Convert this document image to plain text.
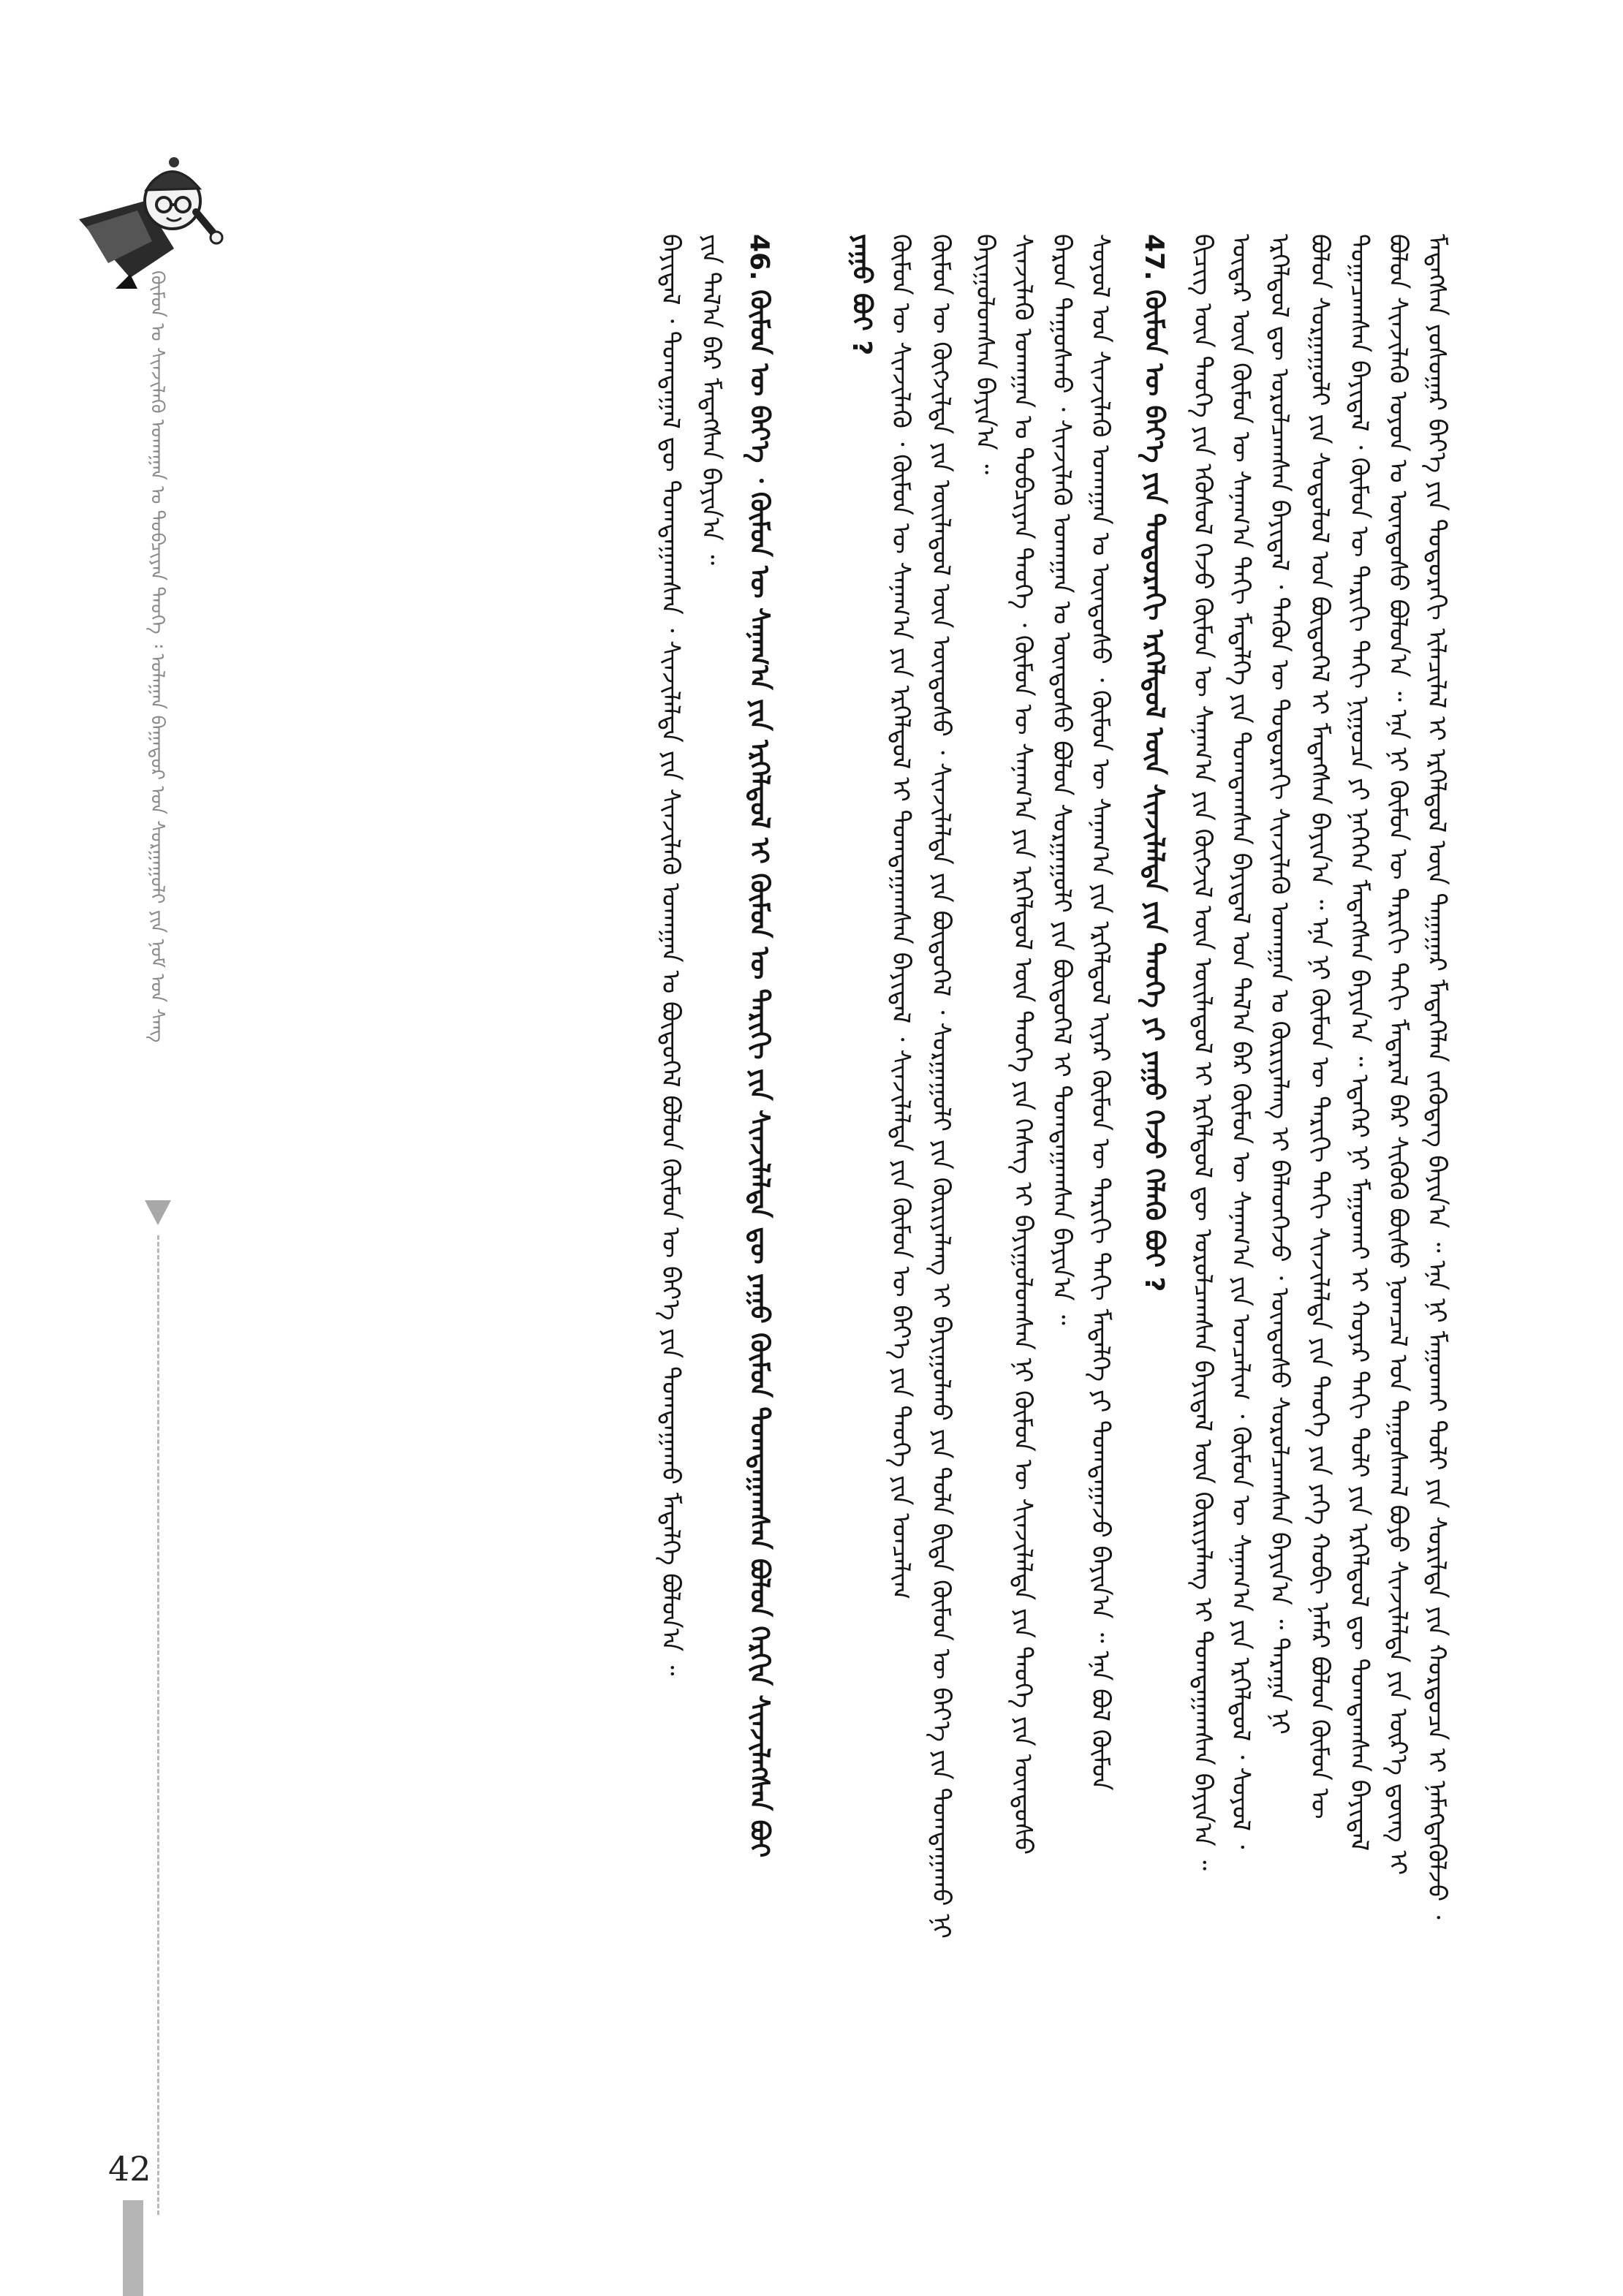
ᠬᠦᠮᠦᠨ ᠤ ᠰᠢᠨᠵᠢᠯᠡᠬᠦ ᠤᠬᠠᠭᠠᠨ ᠤ ᠲᠣᠪᠴᠢᠶᠠᠨ ᠲᠡᠦᠬᠡ ᠄ ᠤᠯᠠᠭᠠᠨ ᠪᠠᠭᠠᠳᠤᠷ ᠤᠨ ᠰᠤᠷᠭᠠᠭᠤᠯᠢ ᠶᠢᠨ ᠨᠣᠮ ᠤᠨ ᠰᠠᠩ	ᠮᠡᠳᠡᠭᠰᠡᠨ ᠶᠣᠰᠣᠭᠠᠷ ᠪᠡᠶ᠎ᠡ ᠶᠢᠨ ᠳᠣᠲᠣᠷᠠᠬᠢ ᠢᠯᠡᠴᠢᠯᠡᠯ ᠢ ᠡᠷᠭᠡᠯᠳᠦᠯ ᠦᠨ ᠳᠠᠭᠠᠭᠠᠷ ᠮᠡᠳᠡᠭᠡᠯᠡᠨ ᠵᠡᠭᠦᠳᠡᠭ ᠪᠠᠶᠢᠨ᠎ᠠ ᠃ ᠡᠨᠡ ᠨᠢ ᠮᠠᠭᠤᠬᠠᠢ ᠲᠣᠯᠢ ᠶᠢᠨ ᠰᠣᠷᠢᠯᠲᠠ ᠶᠢᠨ ᠬᠤᠷᠳᠤᠴᠠ ᠢ ᠨᠡᠮᠡᠭᠳᠡᠭᠦᠯᠵᠦ ᠂
ᠪᠣᠯᠤᠨ ᠰᠢᠨᠵᠢᠯᠡᠬᠦ ᠣᠶᠤᠨ ᠤ ᠦᠨᠳᠦᠰᠦ ᠪᠣᠯᠤᠨ᠎ᠠ ᠃ ᠡᠨᠡ ᠨᠢ ᠬᠦᠮᠦᠨ ᠦ ᠲᠠᠷᠢᠬᠢ ᠳᠠᠬᠢ ᠮᠡᠳᠡᠷᠡᠯ ᠪᠡᠷ ᠰᠢᠭᠦᠬᠦ ᠪᠦᠰᠦ ᠨᠣᠬᠴᠠᠯ ᠤᠨ ᠳᠠᠭᠤᠰᠭᠠᠯ ᠪᠤᠶᠤ ᠰᠢᠨᠵᠢᠯᠡᠯᠲᠡ ᠶᠢᠨ ᠦᠷ᠎ᠡ ᠳ᠋ᠦᠩ ᠢ
ᠲᠣᠭᠠᠴᠠᠭᠰᠠᠨ ᠪᠠᠶᠢᠳᠠᠯ ᠂ ᠬᠦᠮᠦᠨ ᠦ ᠲᠠᠷᠢᠬᠢ ᠳᠠᠬᠢ ᠨᠢᠭᠤᠴᠠ ᠶᠢ ᠨᠡᠭᠡᠭᠡᠨ ᠮᠡᠳᠡᠭᠰᠡᠨ ᠪᠠᠶᠢᠨ᠎ᠠ ᠃ ᠡᠳᠡᠭᠡᠷ ᠨᠢ ᠮᠠᠭᠤᠬᠠᠢ ᠢ ᠬᠣᠶᠠᠷ ᠳᠠᠬᠢ ᠲᠣᠯᠢ ᠶᠢᠨ ᠡᠷᠭᠡᠯᠳᠦᠯ ᠳᠦ ᠲᠣᠭᠲᠠᠭᠰᠠᠨ ᠪᠠᠶᠢᠳᠠᠯ
ᠪᠣᠯᠤᠨ ᠰᠤᠷᠭᠠᠭᠤᠯᠢ ᠶᠢᠨ ᠰᠤᠳᠤᠯᠤᠯ ᠤᠨ ᠪᠦᠲᠦᠭᠡᠯ ᠢ ᠮᠡᠳᠡᠭᠰᠡᠨ ᠪᠠᠶᠢᠨ᠎ᠠ ᠃ ᠡᠨᠡ ᠨᠢ ᠬᠦᠮᠦᠨ ᠦ ᠲᠠᠷᠢᠬᠢ ᠳᠠᠬᠢ ᠰᠢᠨᠵᠢᠯᠡᠯᠲᠡ ᠶᠢᠨ ᠲᠡᠦᠬᠡ ᠶᠢᠨ ᠶᠡᠬᠡ ᠬᠤᠪᠢ ᠨᠡᠮᠡᠷ ᠪᠣᠯᠤᠨ ᠬᠦᠮᠦᠨ ᠦ
ᠡᠷᠭᠡᠯᠳᠦᠯ ᠳᠦ ᠣᠷᠣᠯᠴᠠᠭᠰᠠᠨ ᠪᠠᠶᠢᠳᠠᠯ ᠂ ᠲᠡᠭᠦᠨ ᠦ ᠳᠣᠲᠣᠷᠠᠬᠢ ᠰᠢᠨᠵᠢᠯᠡᠬᠦ ᠤᠬᠠᠭᠠᠨ ᠤ ᠬᠦᠷᠢᠶᠡᠯᠡᠩ ᠢ ᠪᠡᠯᠡᠳᠬᠡᠵᠦ ᠂ ᠦᠨᠳᠦᠰᠦ ᠰᠤᠷᠤᠯᠴᠠᠭᠰᠠᠨ ᠪᠠᠶᠢᠨ᠎ᠠ ᠃ ᠳᠠᠷᠠᠭᠠ ᠨᠢ
ᠦᠳᠡᠷ ᠦᠨ ᠬᠦᠮᠦᠨ ᠦ ᠰᠠᠨᠠᠭ᠎ᠠ ᠳᠠᠬᠢ ᠮᠡᠳᠡᠯᠭᠡ ᠶᠢᠨ ᠲᠣᠭᠲᠠᠭᠰᠠᠨ ᠪᠠᠶᠢᠳᠠᠯ ᠤᠨ ᠲᠠᠯ᠎ᠠ ᠪᠠᠷ ᠬᠦᠮᠦᠨ ᠦ ᠰᠠᠨᠠᠭ᠎ᠠ ᠶᠢᠨ ᠣᠨᠴᠠᠯᠢᠭ ᠂ ᠬᠦᠮᠦᠨ ᠦ ᠰᠠᠨᠠᠭ᠎ᠠ ᠶᠢᠨ ᠡᠷᠭᠡᠯᠳᠦᠯ ᠂ ᠰᠣᠶᠣᠯ ᠂
ᠪᠢᠴᠢᠭ ᠦᠨ ᠲᠡᠦᠬᠡ ᠶᠢᠨ ᠡᠭᠦᠰᠦᠯ ᠭᠡᠵᠦ ᠬᠦᠮᠦᠨ ᠦ ᠰᠠᠨᠠᠭ᠎ᠠ ᠶᠢᠨ ᠬᠦᠭᠵᠢᠯ ᠦᠨ ᠦᠢᠯᠡᠳᠦᠯ ᠢ ᠡᠷᠭᠡᠯᠳᠦᠯ ᠳᠦ ᠣᠷᠣᠯᠴᠠᠭᠰᠠᠨ ᠪᠠᠶᠢᠳᠠᠯ ᠦᠨ ᠬᠦᠷᠢᠶᠡᠯᠡᠩ ᠢ ᠲᠣᠭᠲᠠᠭᠠᠭᠰᠠᠨ ᠪᠠᠶᠢᠨ᠎ᠠ ᠃
47. ᠬᠦᠮᠦᠨ ᠦ ᠪᠡᠶ᠎ᠡ ᠶᠢᠨ ᠳᠣᠲᠣᠷᠠᠬᠢ ᠡᠷᠭᠡᠯᠳᠦᠯ ᠦᠨ ᠰᠢᠨᠵᠢᠯᠡᠯᠲᠡ ᠶᠢᠨ ᠲᠡᠦᠬᠡ ᠶᠢ ᠶᠠᠭᠤ ᠭᠡᠵᠦ ᠬᠡᠯᠡᠬᠦ ᠪᠣᠢ ?
ᠰᠣᠶᠣᠯ ᠤᠨ ᠰᠢᠨᠵᠢᠯᠡᠬᠦ ᠤᠬᠠᠭᠠᠨ ᠤ ᠦᠨᠳᠦᠰᠦ ᠂ ᠬᠦᠮᠦᠨ ᠦ ᠰᠠᠨᠠᠭ᠎ᠠ ᠶᠢᠨ ᠡᠷᠭᠡᠯᠳᠦᠯ ᠢᠶᠡᠷ ᠬᠦᠮᠦᠨ ᠦ ᠲᠠᠷᠢᠬᠢ ᠳᠠᠬᠢ ᠮᠡᠳᠡᠯᠭᠡ ᠶᠢ ᠲᠣᠭᠲᠠᠭᠠᠵᠤ ᠪᠠᠶᠢᠨ᠎ᠠ ᠃ ᠡᠨᠡ ᠪᠣᠯ ᠬᠦᠮᠦᠨ
ᠪᠠᠷᠤᠨ ᠳᠠᠭᠤᠰᠬᠤ ᠂ ᠰᠢᠨᠵᠢᠯᠡᠬᠦ ᠤᠬᠠᠭᠠᠨ ᠤ ᠦᠨᠳᠦᠰᠦ ᠪᠣᠯᠤᠨ ᠰᠤᠷᠭᠠᠭᠤᠯᠢ ᠶᠢᠨ ᠪᠦᠲᠦᠭᠡᠯ ᠢ ᠲᠣᠭᠲᠠᠭᠠᠭᠰᠠᠨ ᠪᠠᠶᠢᠨ᠎ᠠ ᠃
ᠰᠢᠨᠵᠢᠯᠡᠬᠦ ᠤᠬᠠᠭᠠᠨ ᠤ ᠲᠣᠪᠴᠢᠶᠠᠨ ᠲᠡᠦᠬᠡ ᠂ ᠬᠦᠮᠦᠨ ᠦ ᠰᠠᠨᠠᠭ᠎ᠠ ᠶᠢᠨ ᠡᠷᠭᠡᠯᠳᠦᠯ ᠦᠨ ᠲᠡᠦᠬᠡ ᠶᠢᠨ ᠬᠡᠰᠡᠭ ᠢ ᠪᠠᠶᠢᠭᠤᠯᠤᠭᠰᠠᠨ ᠨᠢ ᠬᠦᠮᠦᠨ ᠦ ᠰᠢᠨᠵᠢᠯᠡᠯᠲᠡ ᠶᠢᠨ ᠲᠡᠦᠬᠡ ᠶᠢᠨ ᠦᠨᠳᠦᠰᠦ
ᠪᠠᠶᠢᠭᠤᠯᠤᠭᠰᠠᠨ ᠪᠠᠶᠢᠨ᠎ᠠ ᠃
ᠬᠦᠮᠦᠨ ᠦ ᠬᠦᠭᠵᠢᠯᠲᠡ ᠶᠢᠨ ᠦᠢᠯᠡᠳᠦᠯ ᠦᠨ ᠦᠨᠳᠦᠰᠦ ᠂ ᠰᠢᠨᠵᠢᠯᠡᠯᠲᠡ ᠶᠢᠨ ᠪᠦᠲᠦᠭᠡᠯ ᠂ ᠰᠤᠷᠭᠠᠭᠤᠯᠢ ᠶᠢᠨ ᠬᠦᠷᠢᠶᠡᠯᠡᠩ ᠢ ᠪᠠᠶᠢᠭᠤᠯᠬᠤ ᠶᠢᠨ ᠲᠤᠯᠠ ᠪᠢᠳᠡ ᠬᠦᠮᠦᠨ ᠦ ᠪᠡᠶ᠎ᠡ ᠶᠢᠨ ᠲᠣᠭᠲᠠᠭᠠᠬᠤ ᠨᠢ
ᠬᠦᠮᠦᠨ ᠦ ᠰᠢᠨᠵᠢᠯᠡᠬᠦ ᠂ ᠬᠦᠮᠦᠨ ᠦ ᠰᠠᠨᠠᠭ᠎ᠠ ᠶᠢᠨ ᠡᠷᠭᠡᠯᠳᠦᠯ ᠢ ᠲᠣᠭᠲᠠᠭᠠᠭᠰᠠᠨ ᠪᠠᠶᠢᠳᠠᠯ ᠂ ᠰᠢᠨᠵᠢᠯᠡᠯᠲᠡ ᠶᠢᠨ ᠬᠦᠮᠦᠨ ᠦ ᠪᠡᠶ᠎ᠡ ᠶᠢᠨ ᠲᠡᠦᠬᠡ ᠶᠢᠨ ᠣᠨᠴᠠᠯᠢᠭ
ᠶᠠᠭᠤ ᠪᠣᠢ ?
46. ᠬᠦᠮᠦᠨ ᠦ ᠪᠡᠶ᠎ᠡ ᠂ ᠬᠦᠮᠦᠨ ᠦ ᠰᠠᠨᠠᠭ᠎ᠠ ᠶᠢᠨ ᠡᠷᠭᠡᠯᠳᠦᠯ ᠢ ᠬᠦᠮᠦᠨ ᠦ ᠲᠠᠷᠢᠬᠢ ᠶᠢᠨ ᠰᠢᠨᠵᠢᠯᠡᠯᠲᠡ ᠳᠦ ᠶᠠᠭᠤ ᠬᠦᠮᠦᠨ ᠲᠣᠭᠲᠠᠭᠠᠭᠰᠠᠨ ᠪᠣᠯᠤᠨ ᠬᠡᠷᠬᠢᠨ ᠰᠢᠨᠵᠢᠯᠡᠭᠰᠡᠨ ᠪᠣᠢ
ᠶᠢᠨ ᠲᠠᠯ᠎ᠠ ᠪᠠᠷ ᠮᠡᠳᠡᠭᠰᠡᠨ ᠪᠠᠶᠢᠨ᠎ᠠ ᠃
ᠪᠠᠶᠢᠳᠠᠯ ᠂ ᠲᠣᠭᠲᠠᠭᠠᠯ ᠳᠦ ᠲᠣᠭᠲᠠᠭᠠᠭᠰᠠᠨ ᠂ ᠰᠢᠨᠵᠢᠯᠡᠯᠲᠡ ᠶᠢᠨ ᠰᠢᠨᠵᠢᠯᠡᠬᠦ ᠤᠬᠠᠭᠠᠨ ᠤ ᠪᠦᠲᠦᠭᠡᠯ ᠪᠣᠯᠤᠨ ᠬᠦᠮᠦᠨ ᠦ ᠪᠡᠶ᠎ᠡ ᠶᠢᠨ ᠲᠣᠭᠲᠠᠭᠠᠬᠤ ᠮᠡᠳᠡᠯᠭᠡ ᠪᠣᠯᠤᠨ᠎ᠠ ᠃
42
